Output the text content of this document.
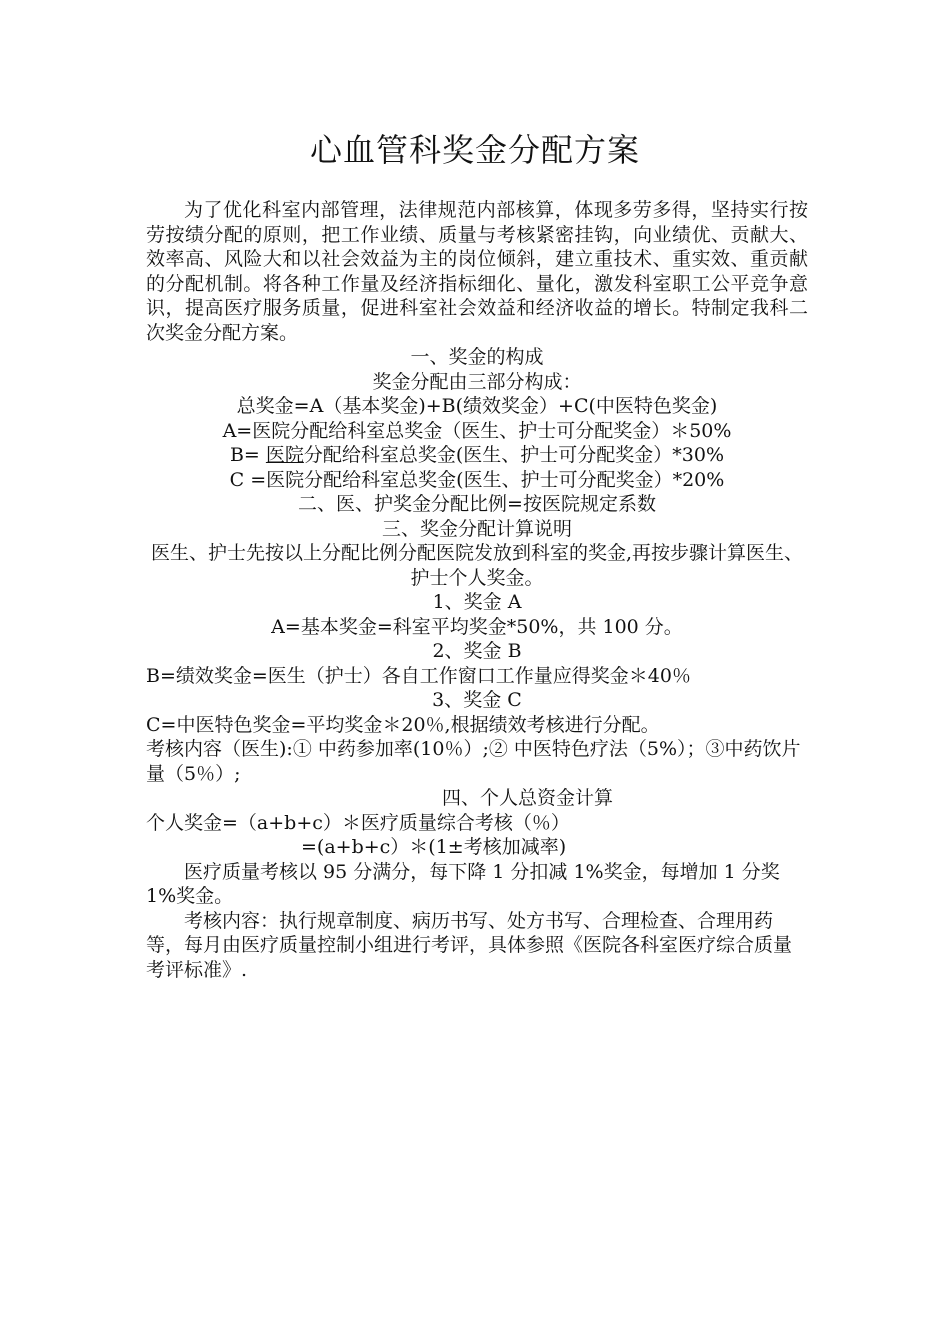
心血管科奖金分配方案

为了优化科室内部管理，法律规范内部核算，体现多劳多得，坚持实行按劳按绩分配的原则，把工作业绩、质量与考核紧密挂钩，向业绩优、贡献大、效率高、风险大和以社会效益为主的岗位倾斜，建立重技术、重实效、重贡献的分配机制。将各种工作量及经济指标细化、量化，激发科室职工公平竞争意识，提高医疗服务质量，促进科室社会效益和经济收益的增长。特制定我科二次奖金分配方案。

一、奖金的构成

奖金分配由三部分构成：

总奖金=A（基本奖金)+B(绩效奖金）+C(中医特色奖金)

A=医院分配给科室总奖金（医生、护士可分配奖金）＊50%

B= 医院分配给科室总奖金(医生、护士可分配奖金）*30%

C =医院分配给科室总奖金(医生、护士可分配奖金）*20%

二、医、护奖金分配比例=按医院规定系数

三、奖金分配计算说明

医生、护士先按以上分配比例分配医院发放到科室的奖金,再按步骤计算医生、护士个人奖金。

1、奖金 A

A=基本奖金=科室平均奖金*50%，共 100 分。

2、奖金 B

B=绩效奖金=医生（护士）各自工作窗口工作量应得奖金＊40％

3、奖金 C

C=中医特色奖金=平均奖金＊20％,根据绩效考核进行分配。

考核内容（医生):① 中药参加率(10％）;② 中医特色疗法（5%）；③中药饮片量（5％）;

四、个人总资金计算

个人奖金=（a+b+c）＊医疗质量综合考核（％）

=(a+b+c）＊(1±考核加减率)

医疗质量考核以 95 分满分，每下降 1 分扣减 1%奖金，每增加 1 分奖 1%奖金。

考核内容：执行规章制度、病历书写、处方书写、合理检查、合理用药等，每月由医疗质量控制小组进行考评，具体参照《医院各科室医疗综合质量考评标准》.
